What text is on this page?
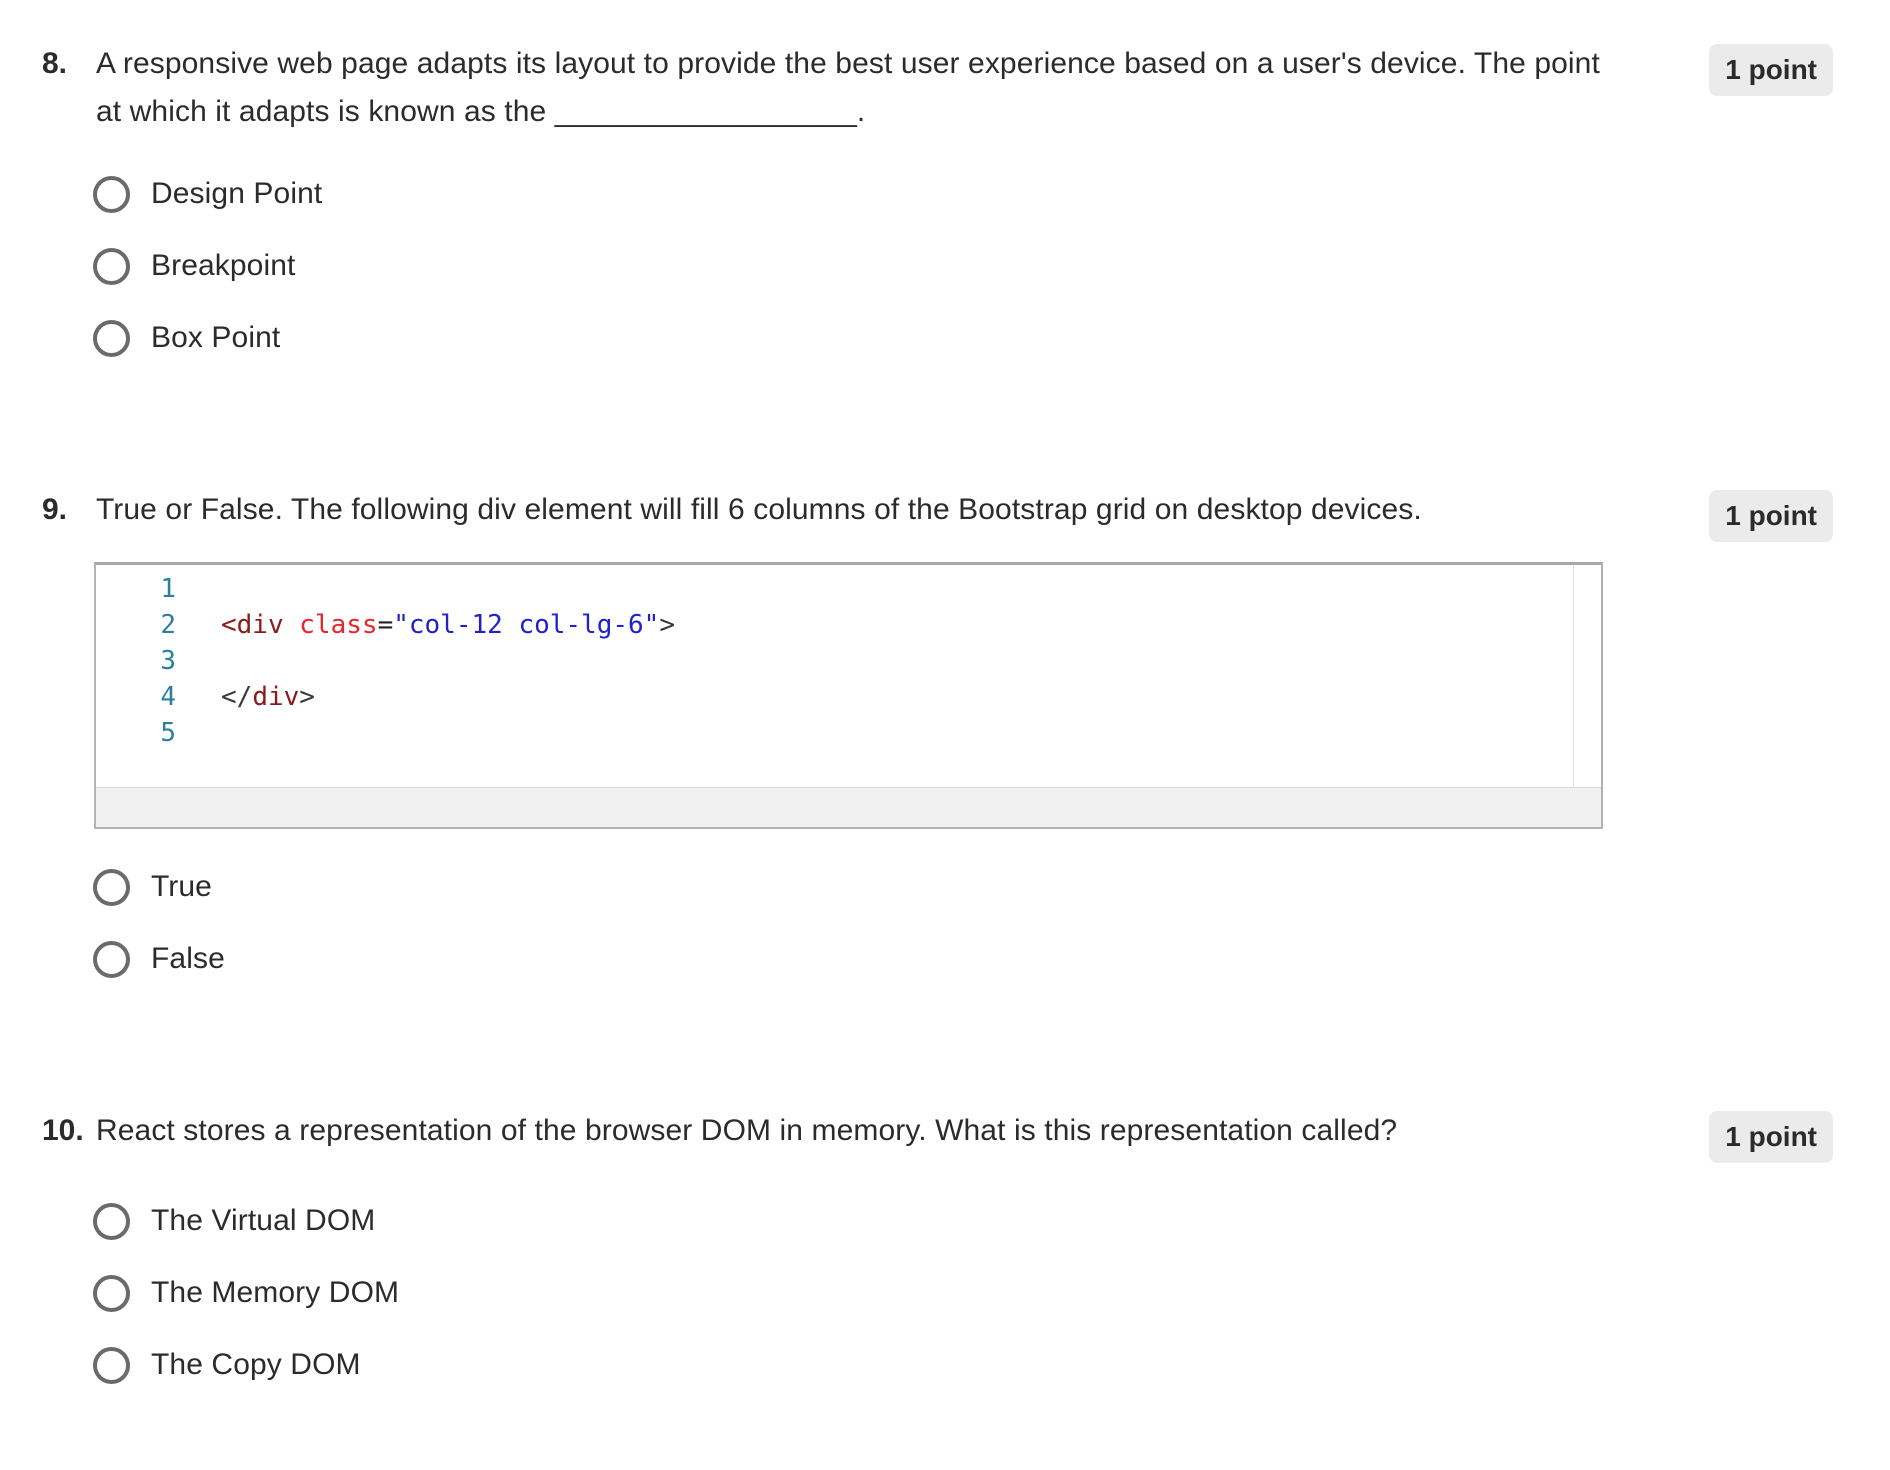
8. A responsive web page adapts its layout to provide the best user experience based on a user's device. The point at which it adapts is known as the __________________.
1 point
Design Point
Breakpoint
Box Point
9. True or False. The following div element will fill 6 columns of the Bootstrap grid on desktop devices.	1 point
1
2 <div class="col-12 col-lg-6">
3
4 </div>
5
True
False
10. React stores a representation of the browser DOM in memory. What is this representation called?	1 point
The Virtual DOM
The Memory DOM
The Copy DOM
